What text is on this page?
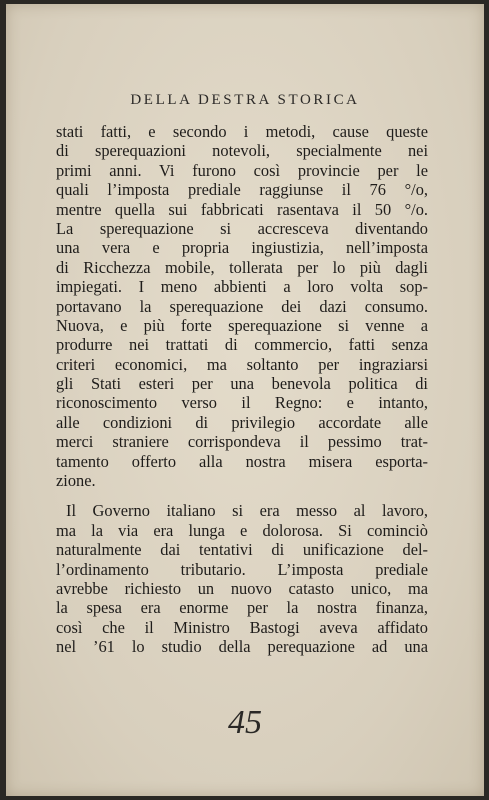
DELLA DESTRA STORICA
stati fatti, e secondo i metodi, cause queste
di sperequazioni notevoli, specialmente nei
primi anni. Vi furono così provincie per le
quali l’imposta prediale raggiunse il 76 °/o,
mentre quella sui fabbricati rasentava il 50 °/o.
La sperequazione si accresceva diventando
una vera e propria ingiustizia, nell’imposta
di Ricchezza mobile, tollerata per lo più dagli
impiegati. I meno abbienti a loro volta sop-
portavano la sperequazione dei dazi consumo.
Nuova, e più forte sperequazione si venne a
produrre nei trattati di commercio, fatti senza
criteri economici, ma soltanto per ingraziarsi
gli Stati esteri per una benevola politica di
riconoscimento verso il Regno: e intanto,
alle condizioni di privilegio accordate alle
merci straniere corrispondeva il pessimo trat-
tamento offerto alla nostra misera esporta-
zione.
Il Governo italiano si era messo al lavoro,
ma la via era lunga e dolorosa. Si cominciò
naturalmente dai tentativi di unificazione del-
l’ordinamento tributario. L’imposta prediale
avrebbe richiesto un nuovo catasto unico, ma
la spesa era enorme per la nostra finanza,
così che il Ministro Bastogi aveva affidato
nel ’61 lo studio della perequazione ad una
45
